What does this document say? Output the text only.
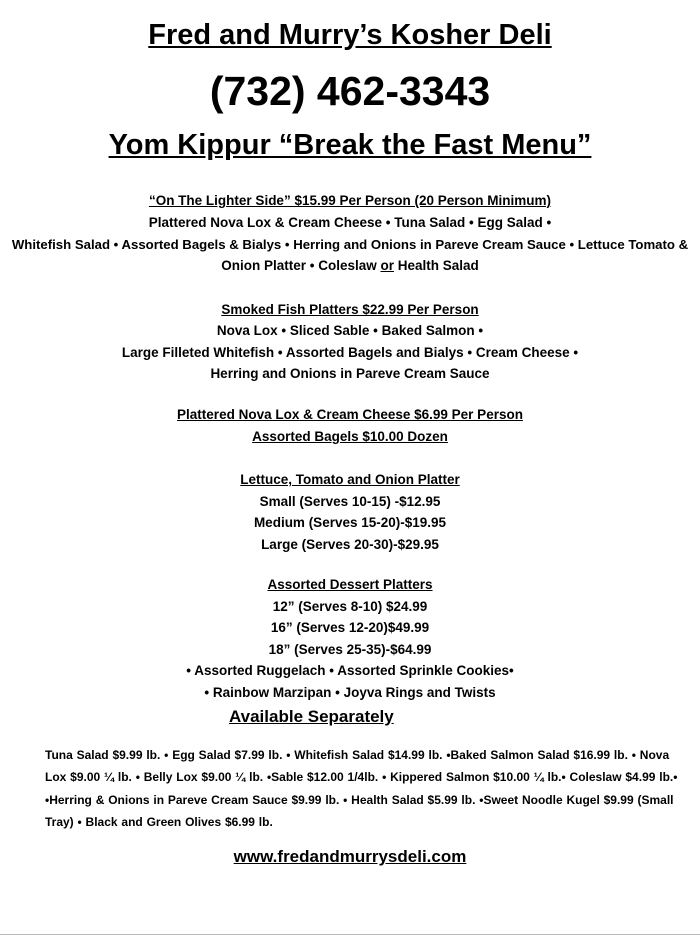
Fred and Murry’s Kosher Deli
(732) 462-3343
Yom Kippur “Break the Fast Menu”
“On The Lighter Side” $15.99 Per Person (20 Person Minimum)
Plattered Nova Lox & Cream Cheese • Tuna Salad • Egg Salad •
Whitefish Salad • Assorted Bagels & Bialys • Herring and Onions in Pareve Cream Sauce • Lettuce Tomato &
Onion Platter • Coleslaw or Health Salad
Smoked Fish Platters $22.99 Per Person
Nova Lox • Sliced Sable • Baked Salmon •
Large Filleted Whitefish • Assorted Bagels and Bialys • Cream Cheese •
Herring and Onions in Pareve Cream Sauce
Plattered Nova Lox & Cream Cheese $6.99 Per Person
Assorted Bagels $10.00 Dozen
Lettuce, Tomato and Onion Platter
Small (Serves 10-15) -$12.95
Medium (Serves 15-20)-$19.95
Large (Serves 20-30)-$29.95
Assorted Dessert Platters
12” (Serves 8-10) $24.99
16” (Serves 12-20)$49.99
18” (Serves 25-35)-$64.99
• Assorted Ruggelach • Assorted Sprinkle Cookies•
• Rainbow Marzipan • Joyva Rings and Twists
Available Separately
Tuna Salad $9.99 lb. • Egg Salad $7.99 lb. • Whitefish Salad $14.99 lb. •Baked Salmon Salad $16.99 lb. • Nova Lox $9.00 ¼ lb. • Belly Lox $9.00 ¼ lb. •Sable $12.00 1/4lb. • Kippered Salmon $10.00 ¼ lb.• Coleslaw $4.99 lb.• •Herring & Onions in Pareve Cream Sauce $9.99 lb. • Health Salad $5.99 lb. •Sweet Noodle Kugel $9.99 (Small Tray) • Black and Green Olives $6.99 lb.
www.fredandmurrysdeli.com
